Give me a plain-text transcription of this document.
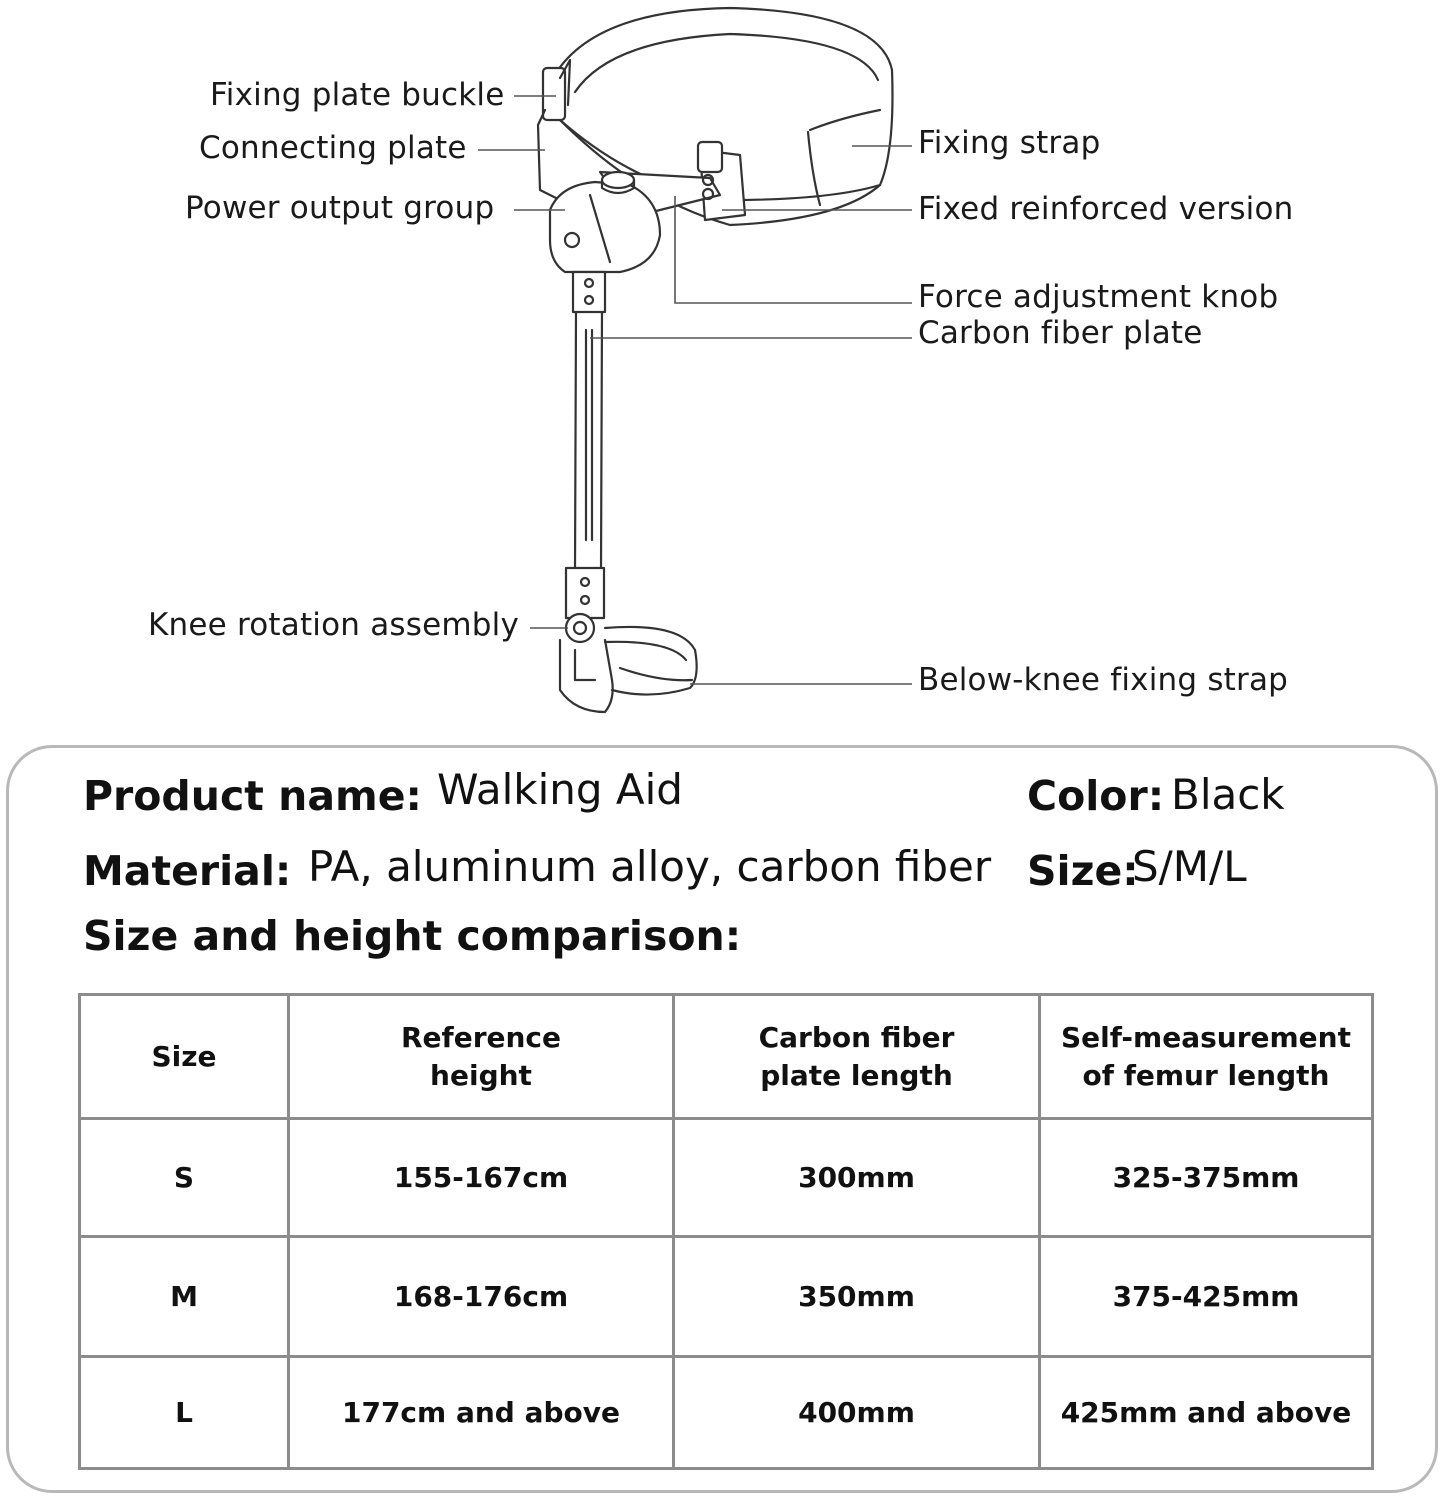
Fixing plate buckle
Connecting plate
Power output group
Fixing strap
Fixed reinforced version
Force adjustment knob
Carbon fiber plate
Knee rotation assembly
Below-knee fixing strap
Product name: Walking Aid	Color: Black
Material: PA, aluminum alloy, carbon fiber Size:
S/M/L
Size and height comparison:
Size	Reference height	Carbon fiber plate length	Self-measurement of femur length
S	155-167cm	300mm	325-375mm
M	168-176cm	350mm	375-425mm
L	177cm and above	400mm	425mm and above
